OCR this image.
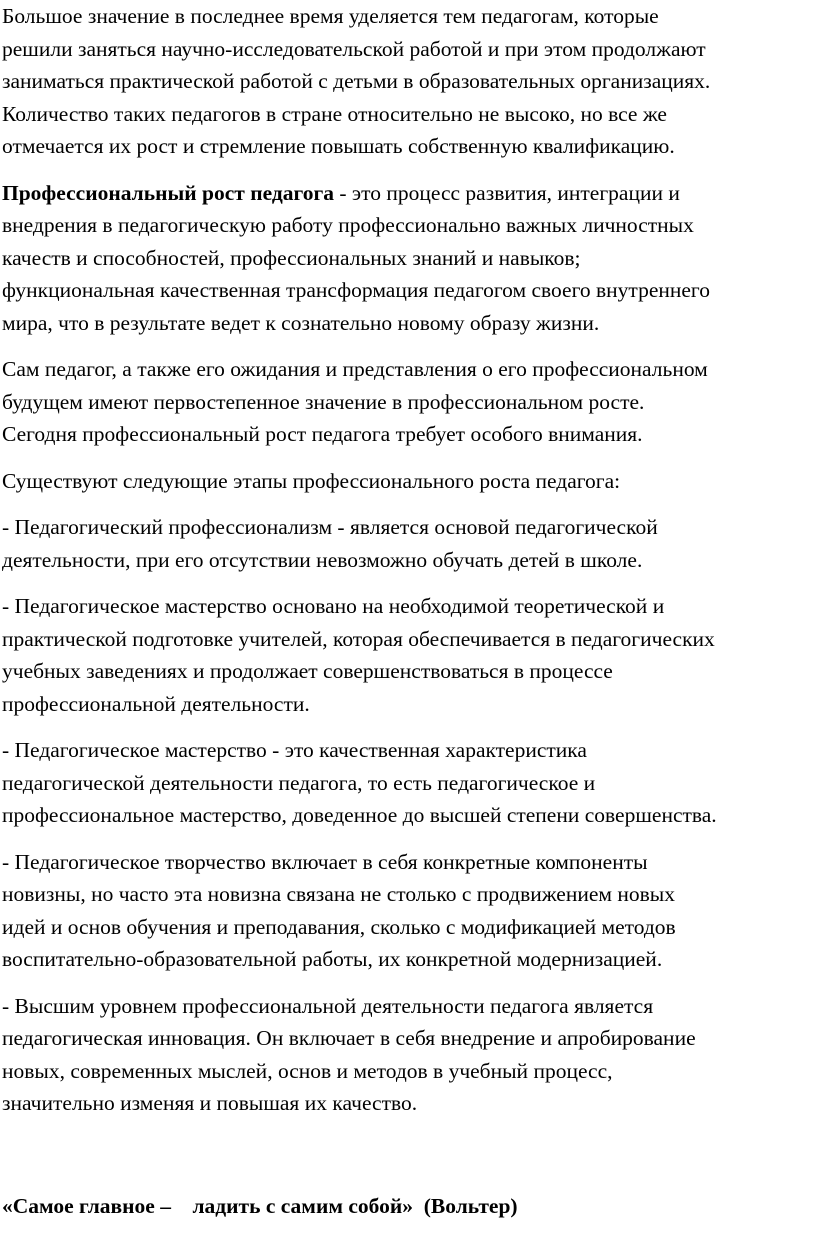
Большое значение в последнее время уделяется тем педагогам, которые
решили заняться научно-исследовательской работой и при этом продолжают
заниматься практической работой с детьми в образовательных организациях.
Количество таких педагогов в стране относительно не высоко, но все же
отмечается их рост и стремление повышать собственную квалификацию.

Профессиональный рост педагога - это процесс развития, интеграции и
внедрения в педагогическую работу профессионально важных личностных
качеств и способностей, профессиональных знаний и навыков;
функциональная качественная трансформация педагогом своего внутреннего
мира, что в результате ведет к сознательно новому образу жизни.

Сам педагог, а также его ожидания и представления о его профессиональном
будущем имеют первостепенное значение в профессиональном росте.
Сегодня профессиональный рост педагога требует особого внимания.

Существуют следующие этапы профессионального роста педагога:

- Педагогический профессионализм - является основой педагогической
деятельности, при его отсутствии невозможно обучать детей в школе.

- Педагогическое мастерство основано на необходимой теоретической и
практической подготовке учителей, которая обеспечивается в педагогических
учебных заведениях и продолжает совершенствоваться в процессе
профессиональной деятельности.

- Педагогическое мастерство - это качественная характеристика
педагогической деятельности педагога, то есть педагогическое и
профессиональное мастерство, доведенное до высшей степени совершенства.

- Педагогическое творчество включает в себя конкретные компоненты
новизны, но часто эта новизна связана не столько с продвижением новых
идей и основ обучения и преподавания, сколько с модификацией методов
воспитательно-образовательной работы, их конкретной модернизацией.

- Высшим уровнем профессиональной деятельности педагога является
педагогическая инновация. Он включает в себя внедрение и апробирование
новых, современных мыслей, основ и методов в учебный процесс,
значительно изменяя и повышая их качество.

«Самое главное –    ладить с самим собой»  (Вольтер)
